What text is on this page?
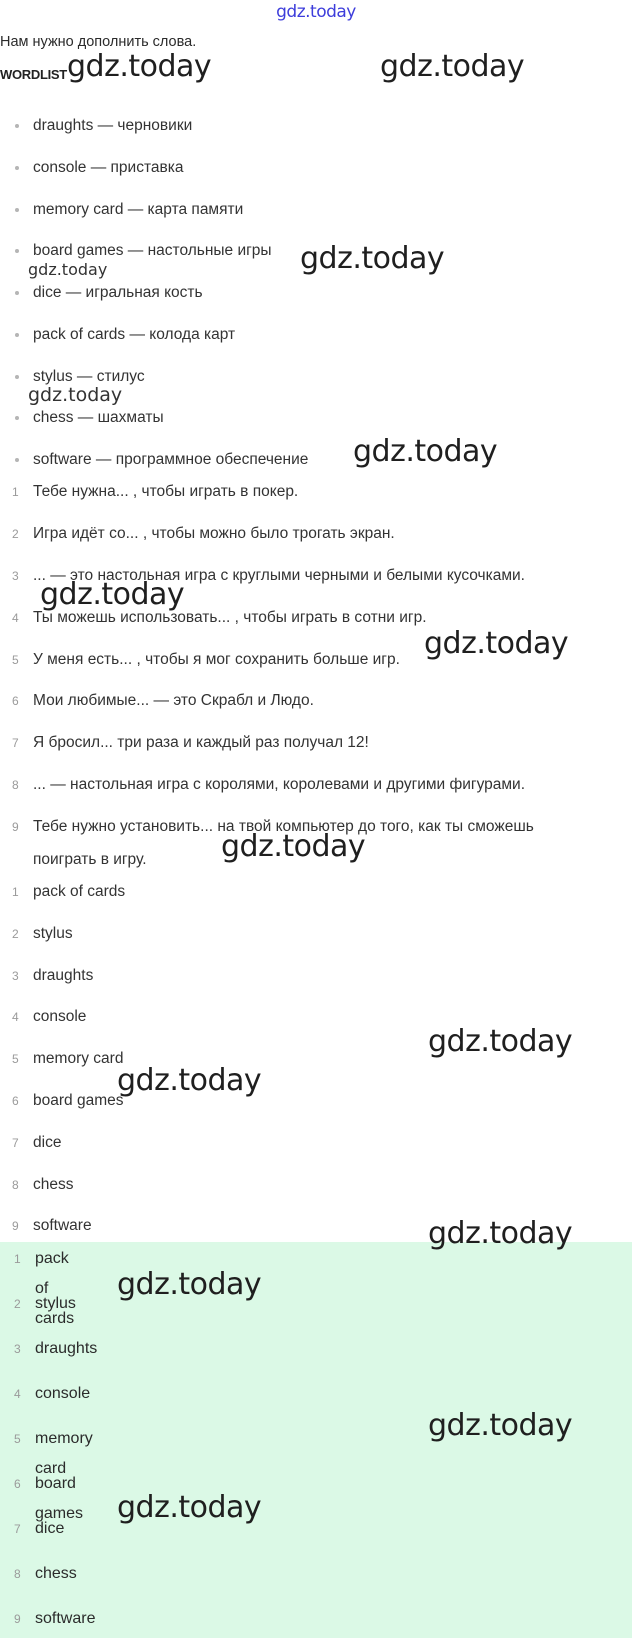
gdz.today
Нам нужно дополнить слова.
WORDLIST
draughts — черновики
console — приставка
memory card — карта памяти
board games — настольные игры
dice — игральная кость
pack of cards — колода карт
stylus — стилус
chess — шахматы
software — программное обеспечение
1 Тебе нужна... , чтобы играть в покер.
2 Игра идёт со... , чтобы можно было трогать экран.
3 ... — это настольная игра с круглыми черными и белыми кусочками.
4 Ты можешь использовать... , чтобы играть в сотни игр.
5 У меня есть... , чтобы я мог сохранить больше игр.
6 Мои любимые... — это Скрабл и Людо.
7 Я бросил... три раза и каждый раз получал 12!
8 ... — настольная игра с королями, королевами и другими фигурами.
9 Тебе нужно установить... на твой компьютер до того, как ты сможешь поиграть в игру.
1 pack of cards
2 stylus
3 draughts
4 console
5 memory card
6 board games
7 dice
8 chess
9 software
1 pack of cards
2 stylus
3 draughts
4 console
5 memory card
6 board games
7 dice
8 chess
9 software
gdz.today	gdz.today
gdz.today
gdz.today
gdz.today
gdz.today
gdz.today
gdz.today
gdz.today
gdz.today
gdz.today
gdz.today
gdz.today
gdz.today
gdz.today
